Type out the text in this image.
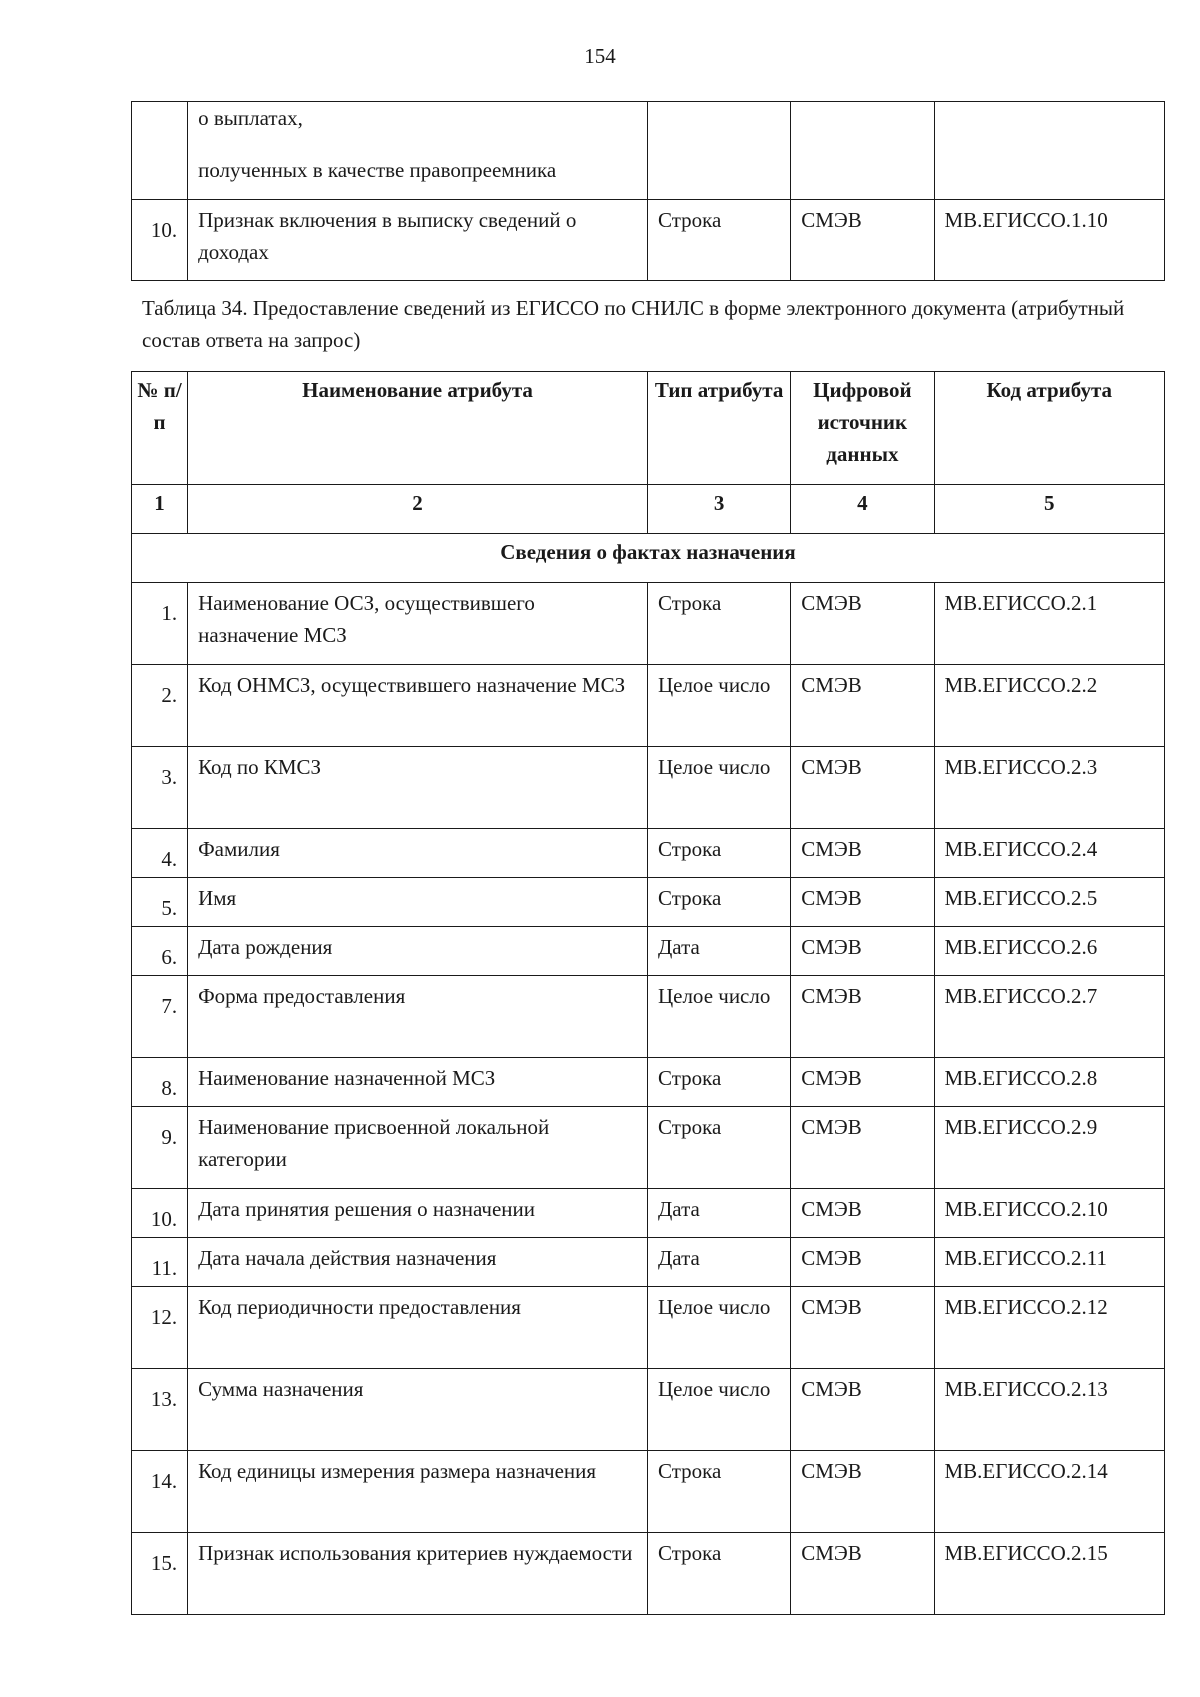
154

	о выплатах,
полученных в качестве правопреемника			

10.	Признак включения в выписку сведений о доходах	Строка	СМЭВ	МВ.ЕГИССО.1.10
Таблица 34. Предоставление сведений из ЕГИССО по СНИЛС в форме электронного документа (атрибутный состав ответа на запрос)
№ п/п	Наименование атрибута	Тип атрибута	Цифровой источник данных	Код атрибута
1	2	3	4	5
Сведения о фактах назначения				
1.	Наименование ОСЗ, осуществившего назначение МСЗ	Строка	СМЭВ	МВ.ЕГИССО.2.1
2.	Код ОНМСЗ, осуществившего назначение МСЗ	Целое число	СМЭВ	МВ.ЕГИССО.2.2
3.	Код по КМСЗ	Целое число	СМЭВ	МВ.ЕГИССО.2.3
4.	Фамилия	Строка	СМЭВ	МВ.ЕГИССО.2.4
5.	Имя	Строка	СМЭВ	МВ.ЕГИССО.2.5
6.	Дата рождения	Дата	СМЭВ	МВ.ЕГИССО.2.6
7.	Форма предоставления	Целое число	СМЭВ	МВ.ЕГИССО.2.7
8.	Наименование назначенной МСЗ	Строка	СМЭВ	МВ.ЕГИССО.2.8
9.	Наименование присвоенной локальной категории	Строка	СМЭВ	МВ.ЕГИССО.2.9
10.	Дата принятия решения о назначении	Дата	СМЭВ	МВ.ЕГИССО.2.10
11.	Дата начала действия назначения	Дата	СМЭВ	МВ.ЕГИССО.2.11
12.	Код периодичности предоставления	Целое число	СМЭВ	МВ.ЕГИССО.2.12
13.	Сумма назначения	Целое число	СМЭВ	МВ.ЕГИССО.2.13
14.	Код единицы измерения размера назначения	Строка	СМЭВ	МВ.ЕГИССО.2.14
15.	Признак использования критериев нуждаемости	Строка	СМЭВ	МВ.ЕГИССО.2.15
